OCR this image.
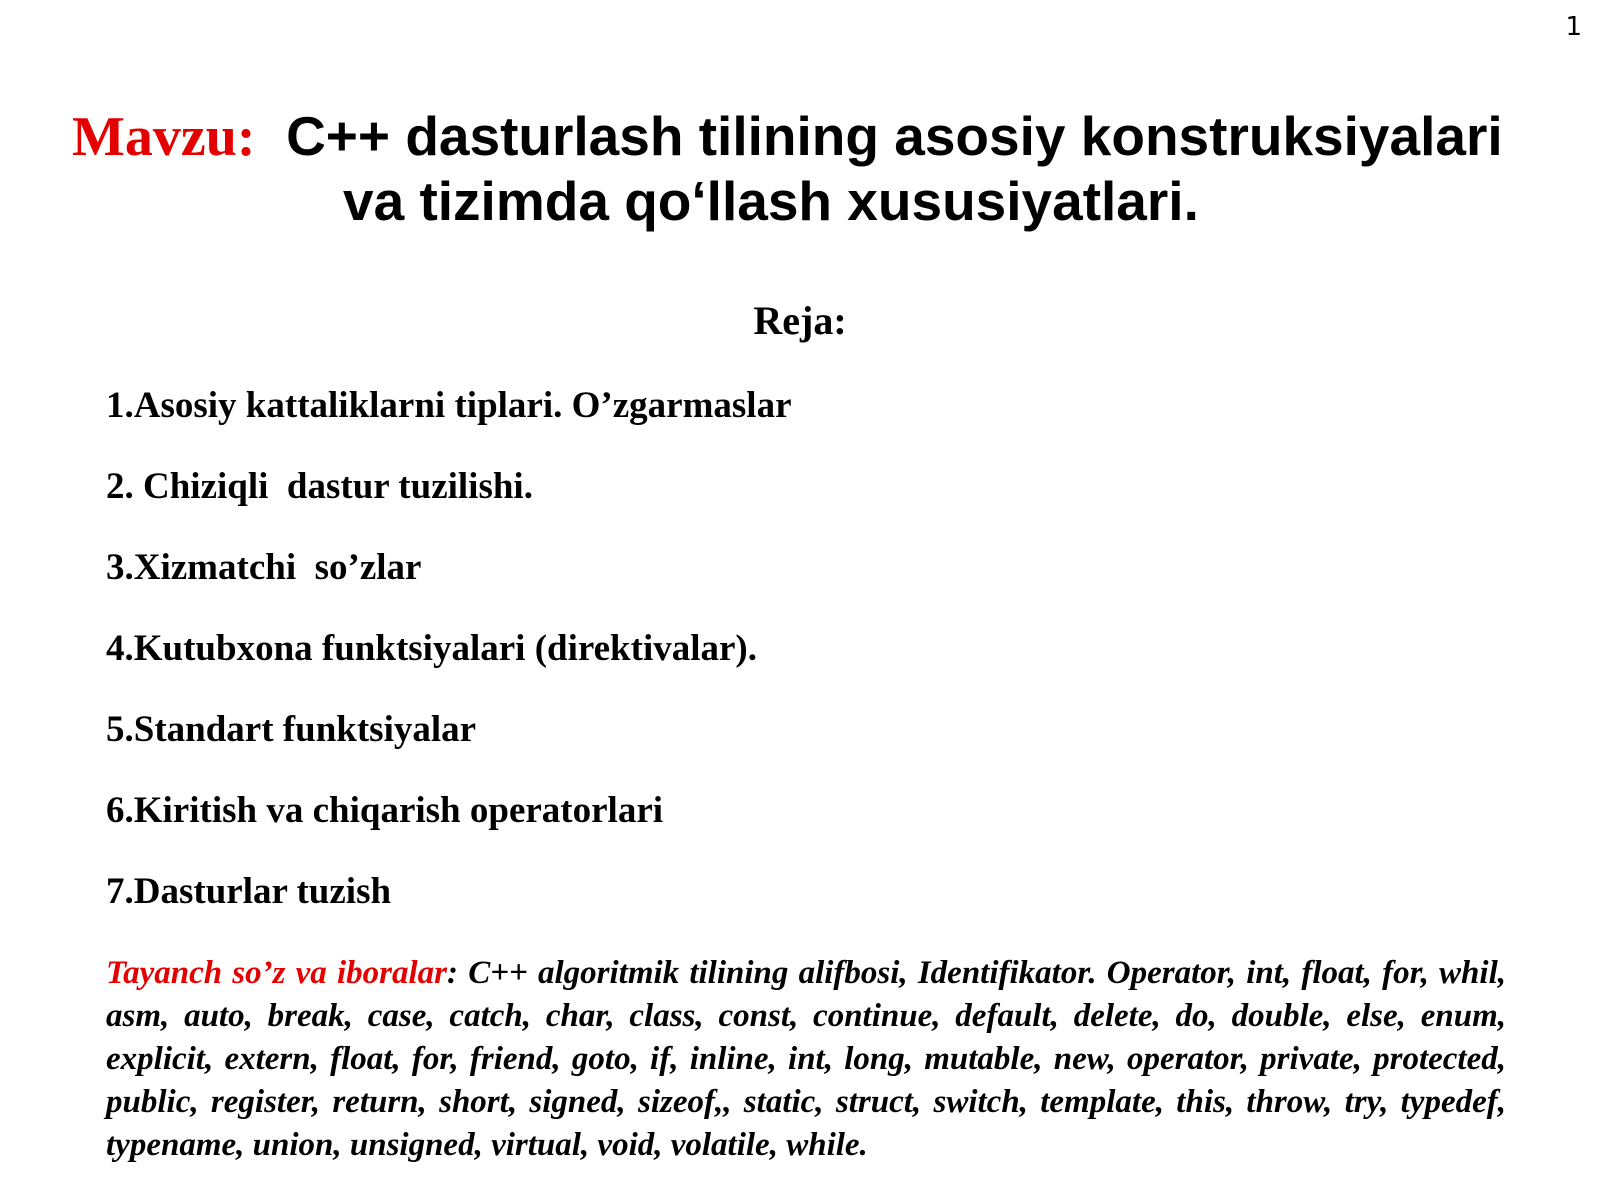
1
Mavzu: C++ dasturlash tilining asosiy konstruksiyalari
va tizimda qo‘llash xususiyatlari.
Reja:
1.Asosiy kattaliklarni tiplari. O’zgarmaslar
2. Chiziqli  dastur tuzilishi.
3.Xizmatchi  so’zlar
4.Kutubxona funktsiyalari (direktivalar).
5.Standart funktsiyalar
6.Kiritish va chiqarish operatorlari
7.Dasturlar tuzish

Tayanch so’z va iboralar: C++ algoritmik tilining alifbosi, Identifikator. Operator, int, float, for, whil, asm, auto, break, case, catch, char, class, const, continue, default, delete, do, double, else, enum, explicit, extern, float, for, friend, goto, if, inline, int, long, mutable, new, operator, private, protected, public, register, return, short, signed, sizeof,, static, struct, switch, template, this, throw, try, typedef, typename, union, unsigned, virtual, void, volatile, while.
